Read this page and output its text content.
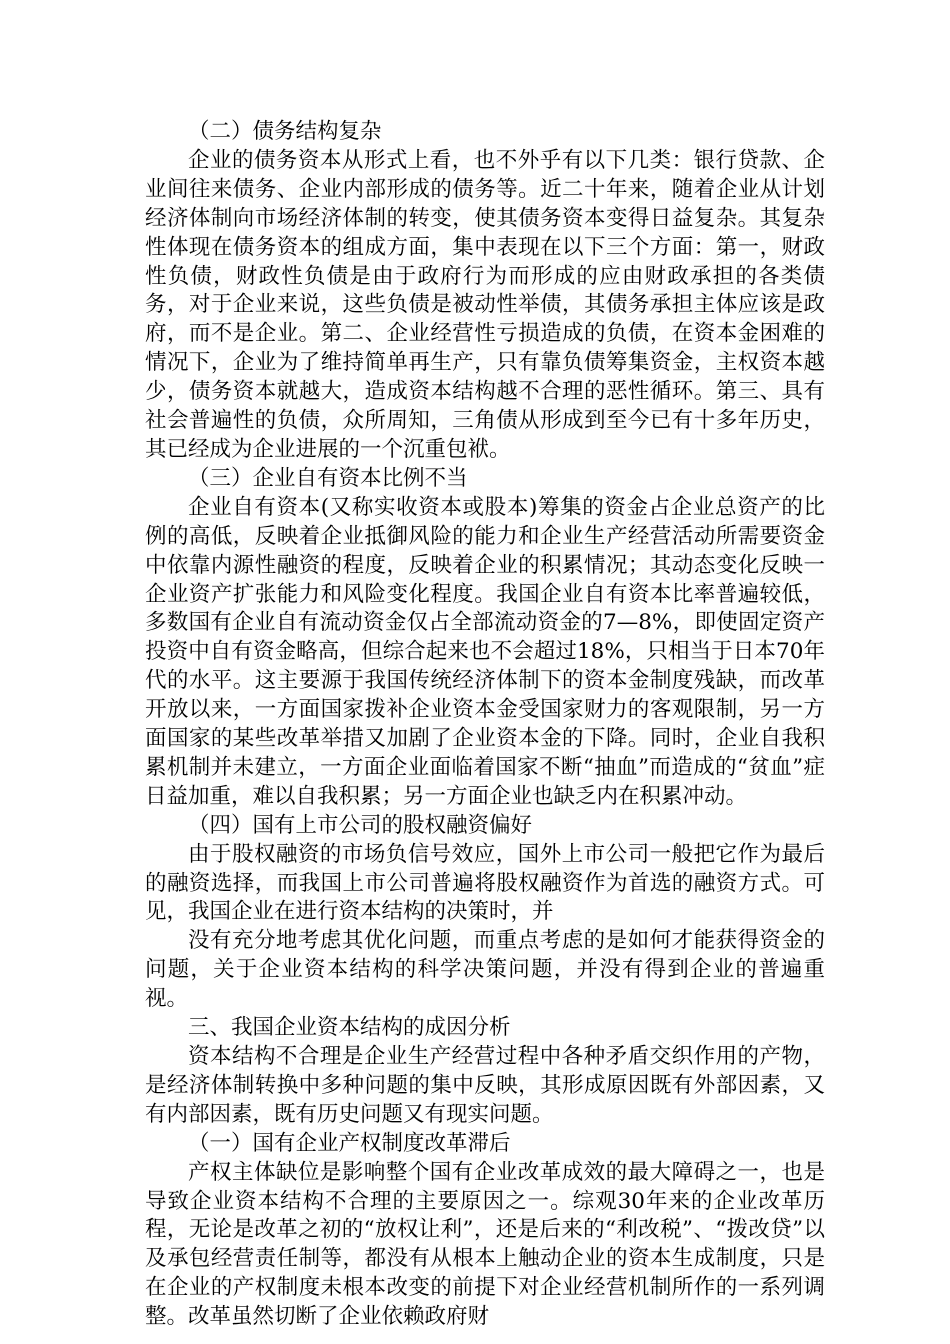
（二）债务结构复杂

企业的债务资本从形式上看，也不外乎有以下几类：银行贷款、企业间往来债务、企业内部形成的债务等。近二十年来，随着企业从计划经济体制向市场经济体制的转变，使其债务资本变得日益复杂。其复杂性体现在债务资本的组成方面，集中表现在以下三个方面：第一，财政性负债，财政性负债是由于政府行为而形成的应由财政承担的各类债务，对于企业来说，这些负债是被动性举债，其债务承担主体应该是政府，而不是企业。第二、企业经营性亏损造成的负债，在资本金困难的情况下，企业为了维持简单再生产，只有靠负债筹集资金，主权资本越少，债务资本就越大，造成资本结构越不合理的恶性循环。第三、具有社会普遍性的负债，众所周知，三角债从形成到至今已有十多年历史，其已经成为企业进展的一个沉重包袱。

（三）企业自有资本比例不当

企业自有资本(又称实收资本或股本)筹集的资金占企业总资产的比例的高低，反映着企业抵御风险的能力和企业生产经营活动所需要资金中依靠内源性融资的程度，反映着企业的积累情况；其动态变化反映一企业资产扩张能力和风险变化程度。我国企业自有资本比率普遍较低，多数国有企业自有流动资金仅占全部流动资金的7—8%，即使固定资产投资中自有资金略高，但综合起来也不会超过18%，只相当于日本70年代的水平。这主要源于我国传统经济体制下的资本金制度残缺，而改革开放以来，一方面国家拨补企业资本金受国家财力的客观限制，另一方面国家的某些改革举措又加剧了企业资本金的下降。同时，企业自我积累机制并未建立，一方面企业面临着国家不断“抽血”而造成的“贫血”症日益加重，难以自我积累；另一方面企业也缺乏内在积累冲动。

（四）国有上市公司的股权融资偏好

由于股权融资的市场负信号效应，国外上市公司一般把它作为最后的融资选择，而我国上市公司普遍将股权融资作为首选的融资方式。可见，我国企业在进行资本结构的决策时，并

没有充分地考虑其优化问题，而重点考虑的是如何才能获得资金的问题，关于企业资本结构的科学决策问题，并没有得到企业的普遍重视。

三、我国企业资本结构的成因分析

资本结构不合理是企业生产经营过程中各种矛盾交织作用的产物，是经济体制转换中多种问题的集中反映，其形成原因既有外部因素，又有内部因素，既有历史问题又有现实问题。

（一）国有企业产权制度改革滞后

产权主体缺位是影响整个国有企业改革成效的最大障碍之一，也是导致企业资本结构不合理的主要原因之一。综观30年来的企业改革历程，无论是改革之初的“放权让利”，还是后来的“利改税”、“拨改贷”以及承包经营责任制等，都没有从根本上触动企业的资本生成制度，只是在企业的产权制度未根本改变的前提下对企业经营机制所作的一系列调整。改革虽然切断了企业依赖政府财
